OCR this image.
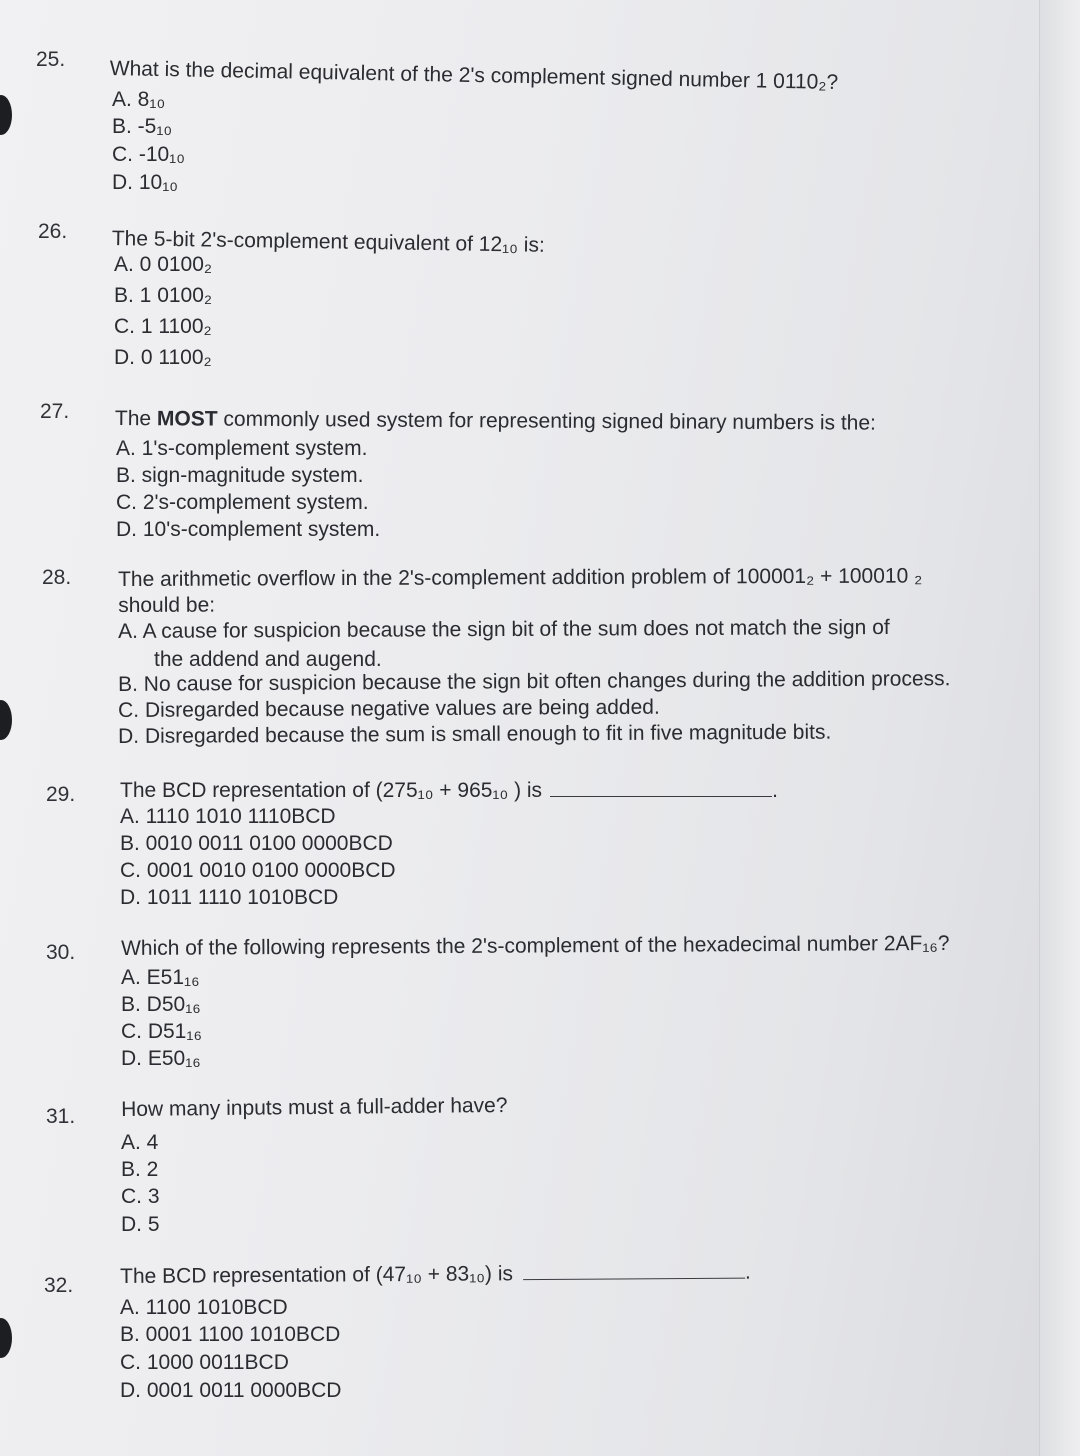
25. What is the decimal equivalent of the 2's complement signed number 1 0110₂?
A. 8₁₀
B. -5₁₀
C. -10₁₀
D. 10₁₀
26. The 5-bit 2's-complement equivalent of 12₁₀ is:
A. 0 0100₂
B. 1 0100₂
C. 1 1100₂
D. 0 1100₂
27. The MOST commonly used system for representing signed binary numbers is the:
A. 1's-complement system.
B. sign-magnitude system.
C. 2's-complement system.
D. 10's-complement system.
28. The arithmetic overflow in the 2's-complement addition problem of 100001₂ + 100010 ₂
should be:
A. A cause for suspicion because the sign bit of the sum does not match the sign of
the addend and augend.
B. No cause for suspicion because the sign bit often changes during the addition process.
C. Disregarded because negative values are being added.
D. Disregarded because the sum is small enough to fit in five magnitude bits.
29. The BCD representation of (275₁₀ + 965₁₀ ) is	.
A. 1110 1010 1110BCD
B. 0010 0011 0100 0000BCD
C. 0001 0010 0100 0000BCD
D. 1011 1110 1010BCD
30. Which of the following represents the 2's-complement of the hexadecimal number 2AF₁₆?
A. E51₁₆
B. D50₁₆
C. D51₁₆
D. E50₁₆
31. How many inputs must a full-adder have?
A. 4
B. 2
C. 3
D. 5
32. The BCD representation of (47₁₀ + 83₁₀) is	.
A. 1100 1010BCD
B. 0001 1100 1010BCD
C. 1000 0011BCD
D. 0001 0011 0000BCD
